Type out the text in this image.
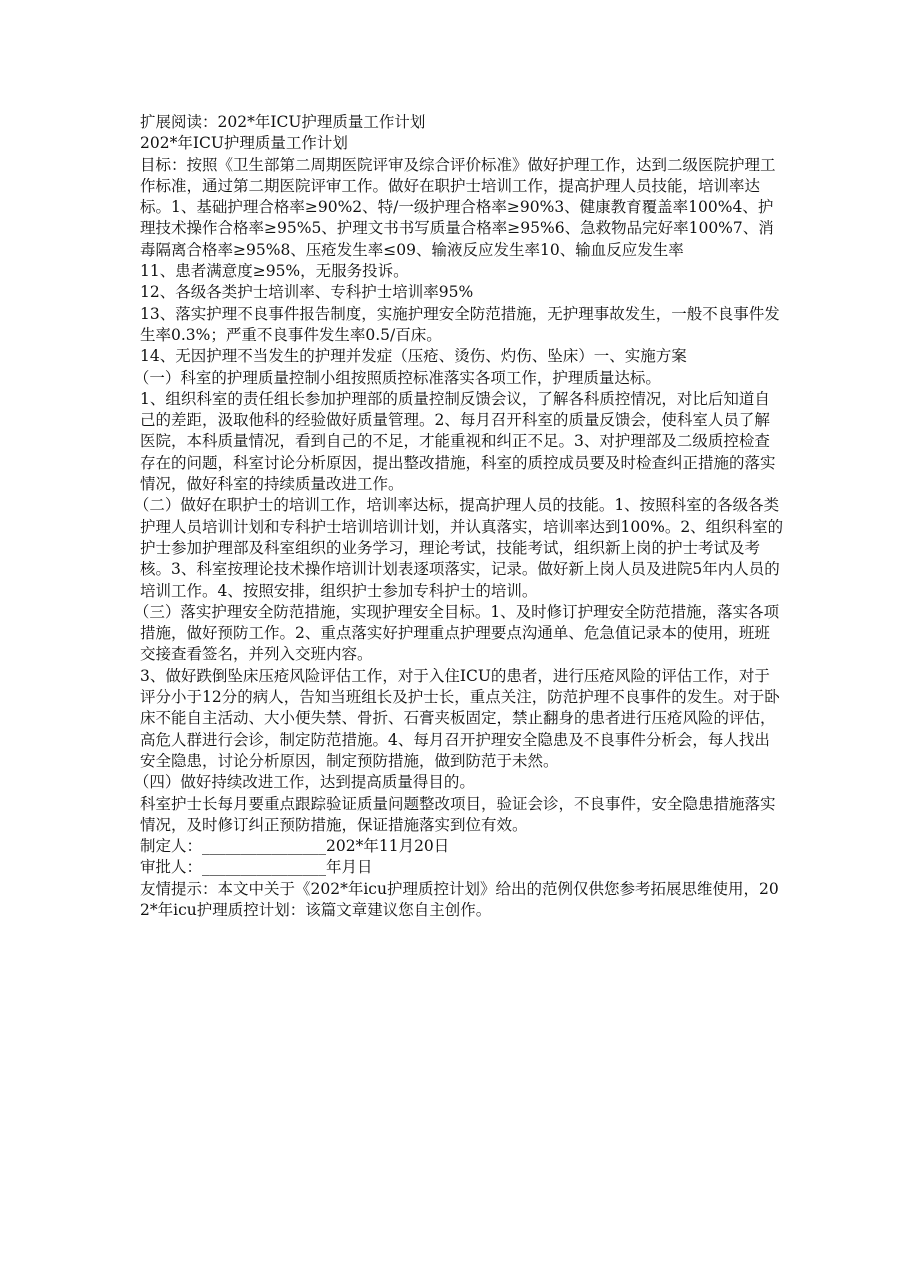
扩展阅读：202*年ICU护理质量工作计划

202*年ICU护理质量工作计划

目标：按照《卫生部第二周期医院评审及综合评价标准》做好护理工作，达到二级医院护理工作标准，通过第二期医院评审工作。做好在职护士培训工作，提高护理人员技能，培训率达标。1、基础护理合格率≥90%2、特/一级护理合格率≥90%3、健康教育覆盖率100%4、护理技术操作合格率≥95%5、护理文书书写质量合格率≥95%6、急救物品完好率100%7、消毒隔离合格率≥95%8、压疮发生率≤09、输液反应发生率10、输血反应发生率

11、患者满意度≥95%，无服务投诉。

12、各级各类护士培训率、专科护士培训率95%

13、落实护理不良事件报告制度，实施护理安全防范措施，无护理事故发生，一般不良事件发生率0.3%；严重不良事件发生率0.5/百床。

14、无因护理不当发生的护理并发症（压疮、烫伤、灼伤、坠床）一、实施方案

（一）科室的护理质量控制小组按照质控标准落实各项工作，护理质量达标。

1、组织科室的责任组长参加护理部的质量控制反馈会议，了解各科质控情况，对比后知道自己的差距，汲取他科的经验做好质量管理。2、每月召开科室的质量反馈会，使科室人员了解医院，本科质量情况，看到自己的不足，才能重视和纠正不足。3、对护理部及二级质控检查存在的问题，科室讨论分析原因，提出整改措施，科室的质控成员要及时检查纠正措施的落实情况，做好科室的持续质量改进工作。

（二）做好在职护士的培训工作，培训率达标，提高护理人员的技能。1、按照科室的各级各类护理人员培训计划和专科护士培训培训计划，并认真落实，培训率达到100%。2、组织科室的护士参加护理部及科室组织的业务学习，理论考试，技能考试，组织新上岗的护士考试及考核。3、科室按理论技术操作培训计划表逐项落实，记录。做好新上岗人员及进院5年内人员的培训工作。4、按照安排，组织护士参加专科护士的培训。

（三）落实护理安全防范措施，实现护理安全目标。1、及时修订护理安全防范措施，落实各项措施，做好预防工作。2、重点落实好护理重点护理要点沟通单、危急值记录本的使用，班班交接查看签名，并列入交班内容。

3、做好跌倒坠床压疮风险评估工作，对于入住ICU的患者，进行压疮风险的评估工作，对于评分小于12分的病人，告知当班组长及护士长，重点关注，防范护理不良事件的发生。对于卧床不能自主活动、大小便失禁、骨折、石膏夹板固定，禁止翻身的患者进行压疮风险的评估，高危人群进行会诊，制定防范措施。4、每月召开护理安全隐患及不良事件分析会，每人找出安全隐患，讨论分析原因，制定预防措施，做到防范于未然。

（四）做好持续改进工作，达到提高质量得目的。

科室护士长每月要重点跟踪验证质量问题整改项目，验证会诊，不良事件，安全隐患措施落实情况，及时修订纠正预防措施，保证措施落实到位有效。

制定人：________________202*年11月20日

审批人：________________年月日

友情提示：本文中关于《202*年icu护理质控计划》给出的范例仅供您参考拓展思维使用，202*年icu护理质控计划：该篇文章建议您自主创作。
